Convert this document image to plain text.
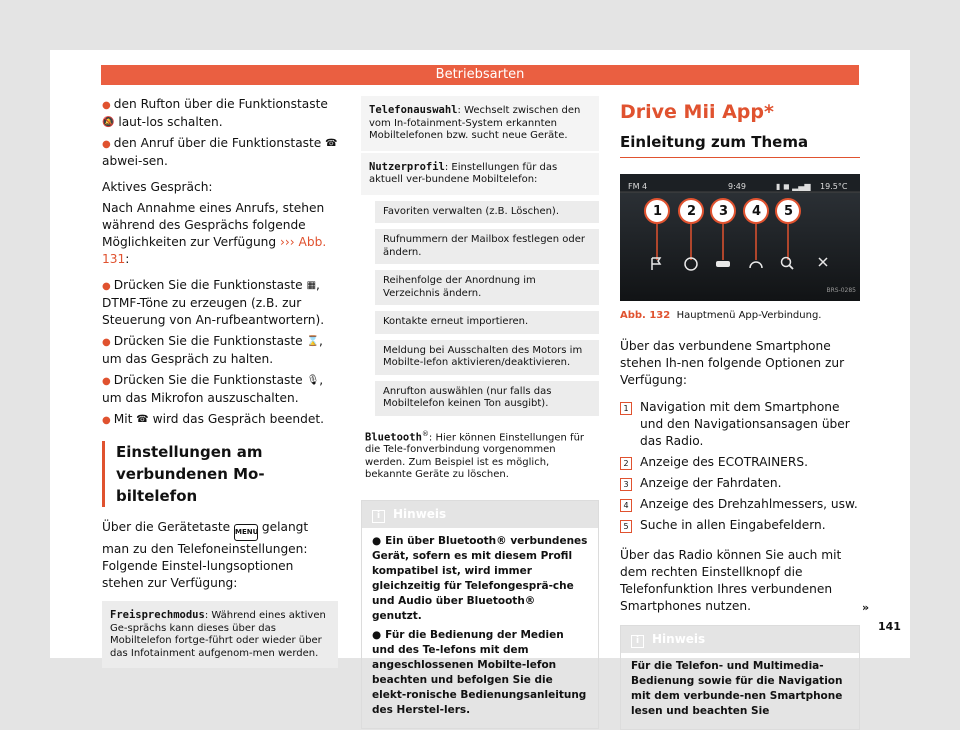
Betriebsarten

● den Rufton über die Funktionstaste 🔕 laut-los schalten.

● den Anruf über die Funktionstaste ☎ abwei-sen.

Aktives Gespräch:

Nach Annahme eines Anrufs, stehen während des Gesprächs folgende Möglichkeiten zur Verfügung ››› Abb. 131:

● Drücken Sie die Funktionstaste ▦, DTMF-Töne zu erzeugen (z.B. zur Steuerung von An-rufbeantwortern).

● Drücken Sie die Funktionstaste ⌛, um das Gespräch zu halten.

● Drücken Sie die Funktionstaste 🎙, um das Mikrofon auszuschalten.

● Mit ☎ wird das Gespräch beendet.

Einstellungen am verbundenen Mo-biltelefon

Über die Gerätetaste MENU gelangt man zu den Telefoneinstellungen: Folgende Einstel-lungsoptionen stehen zur Verfügung:

Freisprechmodus: Während eines aktiven Ge-sprächs kann dieses über das Mobiltelefon fortge-führt oder wieder über das Infotainment aufgenom-men werden.
Telefonauswahl: Wechselt zwischen den vom In-fotainment-System erkannten Mobiltelefonen bzw. sucht neue Geräte.
Nutzerprofil: Einstellungen für das aktuell ver-bundene Mobiltelefon:
Favoriten verwalten (z.B. Löschen).
Rufnummern der Mailbox festlegen oder ändern.
Reihenfolge der Anordnung im Verzeichnis ändern.
Kontakte erneut importieren.
Meldung bei Ausschalten des Motors im Mobilte-lefon aktivieren/deaktivieren.
Anrufton auswählen (nur falls das Mobiltelefon keinen Ton ausgibt).
Bluetooth®: Hier können Einstellungen für die Tele-fonverbindung vorgenommen werden. Zum Beispiel ist es möglich, bekannte Geräte zu löschen.
i Hinweis

● Ein über Bluetooth® verbundenes Gerät, sofern es mit diesem Profil kompatibel ist, wird immer gleichzeitig für Telefongesprä-che und Audio über Bluetooth® genutzt.

● Für die Bedienung der Medien und des Te-lefons mit dem angeschlossenen Mobilte-lefon beachten und befolgen Sie die elekt-ronische Bedienungsanleitung des Herstel-lers.

Drive Mii App*
Einleitung zum Thema
FM 4	9:49	▮ ◼ ▂▄▆ 19.5°C
1 2 3 4 5
BRS-0285

Abb. 132 Hauptmenü App-Verbindung.

Über das verbundene Smartphone stehen Ih-nen folgende Optionen zur Verfügung:

1 Navigation mit dem Smartphone und den Navigationsansagen über das Radio.
2 Anzeige des ECOTRAINERS.
3 Anzeige der Fahrdaten.
4 Anzeige des Drehzahlmessers, usw.
5 Suche in allen Eingabefeldern.

Über das Radio können Sie auch mit dem rechten Einstellknopf die Telefonfunktion Ihres verbundenen Smartphones nutzen.

i Hinweis
Für die Telefon- und Multimedia-Bedienung sowie für die Navigation mit dem verbunde-nen Smartphone lesen und beachten Sie
»
141
